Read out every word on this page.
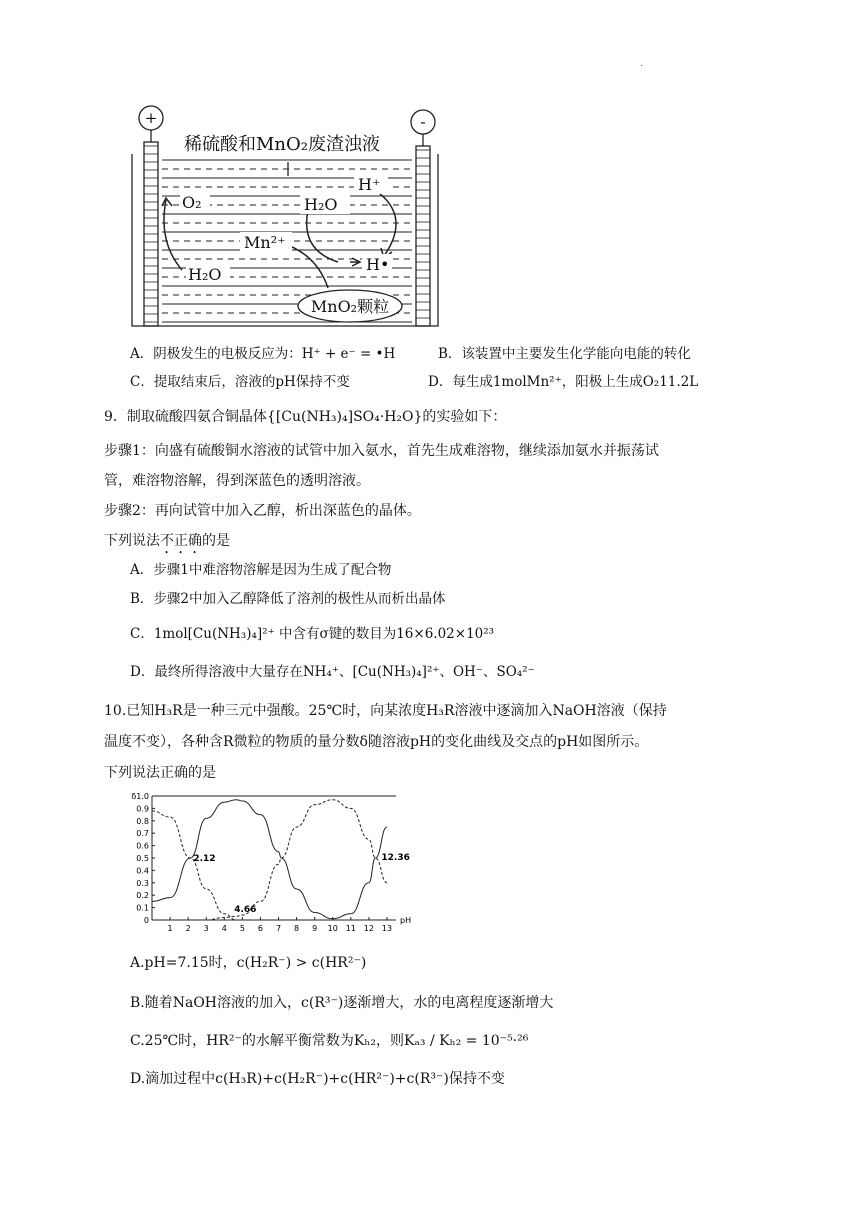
.
+	-
稀硫酸和MnO₂废渣浊液
O₂
H₂O
H₂O
Mn²⁺
H⁺
H•
MnO₂颗粒
A．阴极发生的电极反应为：H⁺ + e⁻ = •H	B．该装置中主要发生化学能向电能的转化
C．提取结束后，溶液的pH保持不变	D．每生成1molMn²⁺，阳极上生成O₂11.2L
9．制取硫酸四氨合铜晶体{[Cu(NH₃)₄]SO₄·H₂O}的实验如下：
步骤1：向盛有硫酸铜水溶液的试管中加入氨水，首先生成难溶物，继续添加氨水并振荡试
管，难溶物溶解，得到深蓝色的透明溶液。
步骤2：再向试管中加入乙醇，析出深蓝色的晶体。
下列说法不正确的是
A．步骤1中难溶物溶解是因为生成了配合物
B．步骤2中加入乙醇降低了溶剂的极性从而析出晶体
C．1mol[Cu(NH₃)₄]²⁺ 中含有σ键的数目为16×6.02×10²³
D．最终所得溶液中大量存在NH₄⁺、[Cu(NH₃)₄]²⁺、OH⁻、SO₄²⁻
10.已知H₃R是一种三元中强酸。25℃时，向某浓度H₃R溶液中逐滴加入NaOH溶液（保持
温度不变），各种含R微粒的物质的量分数δ随溶液pH的变化曲线及交点的pH如图所示。
下列说法正确的是
1 2 3 4 5 6 7 8 9 10 11 12 13
pH
0
0.1
0.2
0.3
0.4
0.5
0.6
0.7
0.8
0.9
δ1.0
2.12
4.66
12.36
A.pH=7.15时，c(H₂R⁻) > c(HR²⁻)
B.随着NaOH溶液的加入，c(R³⁻)逐渐增大，水的电离程度逐渐增大
C.25℃时，HR²⁻的水解平衡常数为Kₕ₂，则Kₐ₃ / Kₕ₂ = 10⁻⁵·²⁶
D.滴加过程中c(H₃R)+c(H₂R⁻)+c(HR²⁻)+c(R³⁻)保持不变
